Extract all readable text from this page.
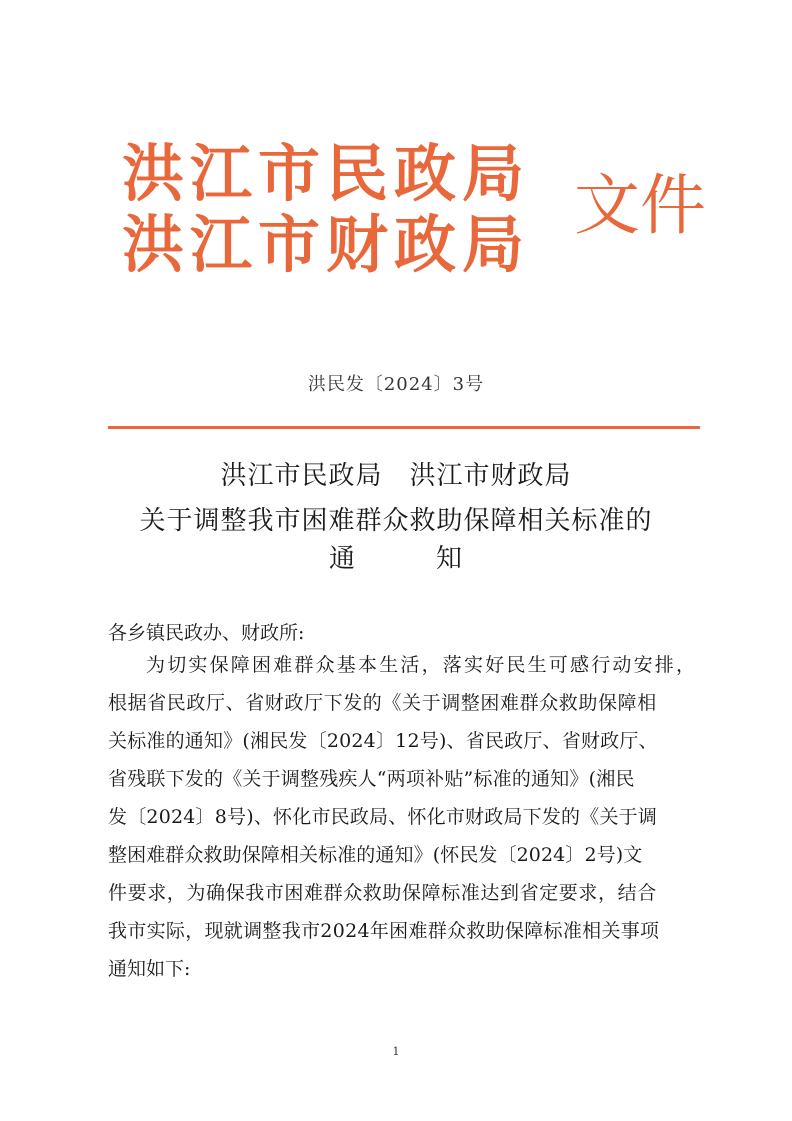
洪江市民政局
洪江市财政局
文件
洪民发〔2024〕3号
洪江市民政局　洪江市财政局
关于调整我市困难群众救助保障相关标准的
通	知
各乡镇民政办、财政所:
为切实保障困难群众基本生活，落实好民生可感行动安排，
根据省民政厅、省财政厅下发的《关于调整困难群众救助保障相
关标准的通知》(湘民发〔2024〕12号)、省民政厅、省财政厅、
省残联下发的《关于调整残疾人“两项补贴”标准的通知》(湘民
发〔2024〕8号)、怀化市民政局、怀化市财政局下发的《关于调
整困难群众救助保障相关标准的通知》(怀民发〔2024〕2号)文
件要求，为确保我市困难群众救助保障标准达到省定要求，结合
我市实际，现就调整我市2024年困难群众救助保障标准相关事项
通知如下:
1
